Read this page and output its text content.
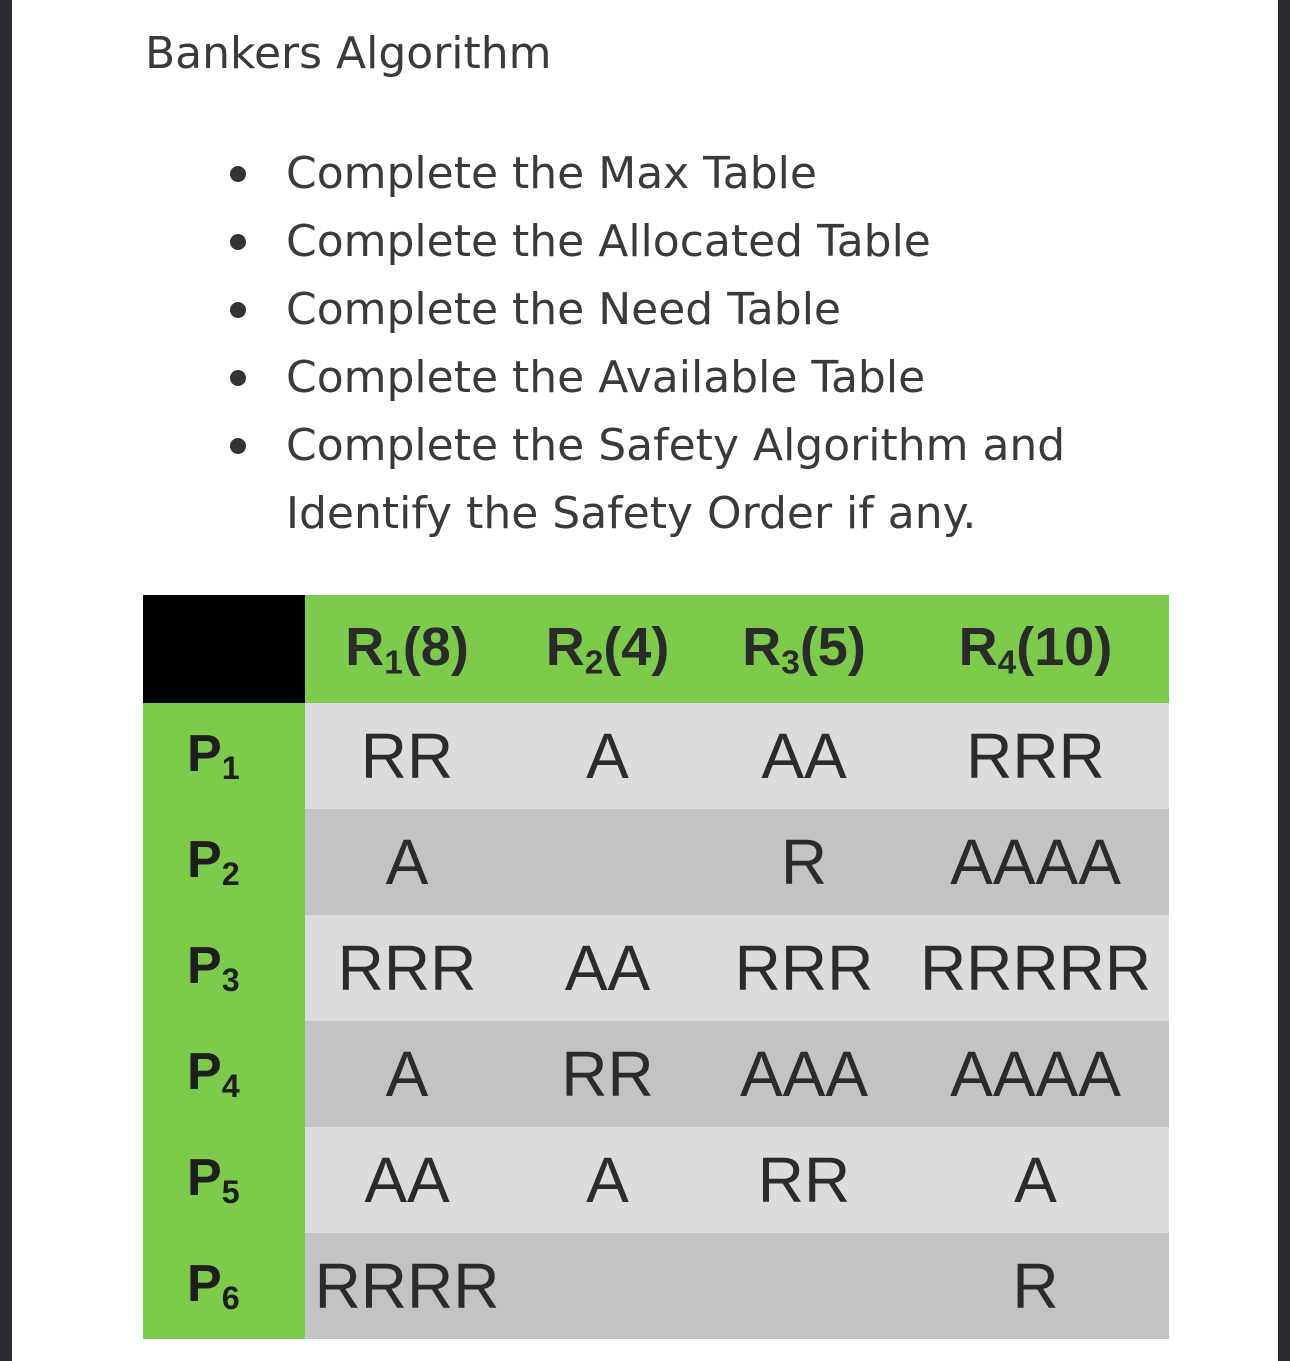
Bankers Algorithm
Complete the Max Table
Complete the Allocated Table
Complete the Need Table
Complete the Available Table
Complete the Safety Algorithm and Identify the Safety Order if any.
	$R_1(8)$	$R_2(4)$	$R_3(5)$	$R_4(10)$
$P_1$	RR	A	AA	RRR
$P_2$	A		R	AAAA
$P_3$	RRR	AA	RRR	RRRRR
$P_4$	A	RR	AAA	AAAA
$P_5$	AA	A	RR	A
$P_6$	RRRR			R
